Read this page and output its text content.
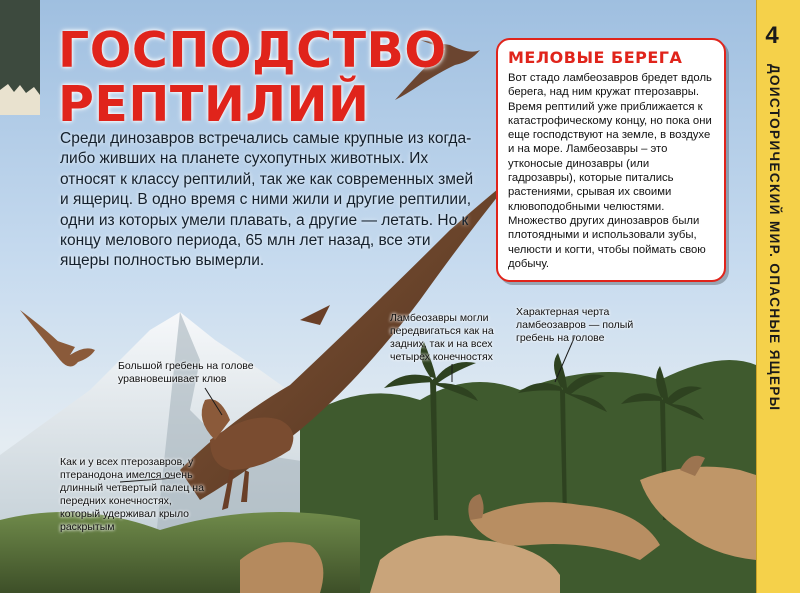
ГОСПОДСТВО
РЕПТИЛИЙ

Среди динозавров встречались самые крупные из когда-либо живших на планете сухопутных животных. Их относят к классу рептилий, так же как современных змей и ящериц. В одно время с ними жили и другие рептилии, одни из которых умели плавать, а другие — летать. Но к концу мелового периода, 65 млн лет назад, все эти ящеры полностью вымерли.

МЕЛОВЫЕ БЕРЕГА

Вот стадо ламбеозавров бредет вдоль берега, над ним кружат птерозавры. Время рептилий уже приближается к катастрофическому концу, но пока они еще господствуют на земле, в воздухе и на море. Ламбеозавры – это утконосые динозавры (или гадрозавры), которые питались растениями, срывая их своими клювоподобными челюстями. Множество других динозавров были плотоядными и использовали зубы, челюсти и когти, чтобы поймать свою добычу.

4
ДОИСТОРИЧЕСКИЙ МИР. ОПАСНЫЕ ЯЩЕРЫ

Большой гребень на голове уравновешивает клюв

Как и у всех птерозавров, у птеранодона имелся очень длинный четвертый палец на передних конечностях, который удерживал крыло раскрытым

Ламбеозавры могли передвигаться как на задних, так и на всех четырех конечностях

Характерная черта ламбеозавров — полый гребень на голове
